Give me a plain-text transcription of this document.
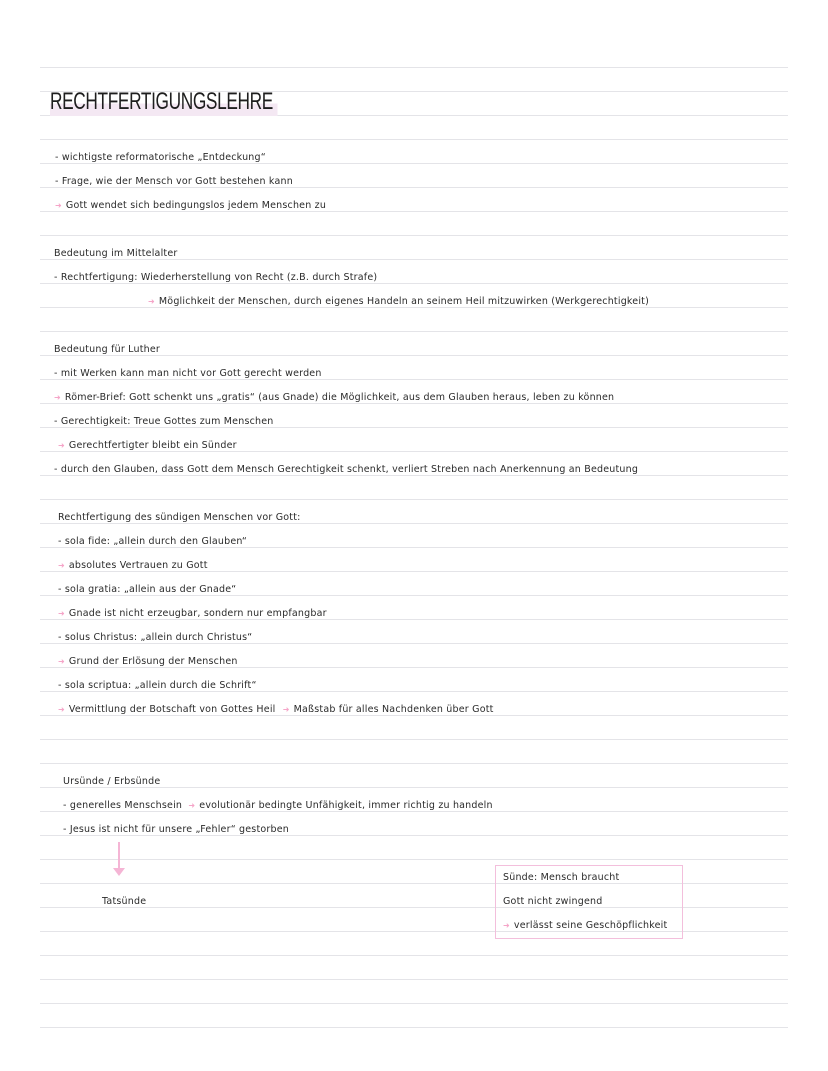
RECHTFERTIGUNGSLEHRE
- wichtigste reformatorische „Entdeckung“
- Frage, wie der Mensch vor Gott bestehen kann
➜ Gott wendet sich bedingungslos jedem Menschen zu
Bedeutung im Mittelalter
- Rechtfertigung: Wiederherstellung von Recht (z.B. durch Strafe)
➜ Möglichkeit der Menschen, durch eigenes Handeln an seinem Heil mitzuwirken (Werkgerechtigkeit)
Bedeutung für Luther
- mit Werken kann man nicht vor Gott gerecht werden
➜ Römer-Brief: Gott schenkt uns „gratis“ (aus Gnade) die Möglichkeit, aus dem Glauben heraus, leben zu können
- Gerechtigkeit: Treue Gottes zum Menschen
➜ Gerechtfertigter bleibt ein Sünder
- durch den Glauben, dass Gott dem Mensch Gerechtigkeit schenkt, verliert Streben nach Anerkennung an Bedeutung
Rechtfertigung des sündigen Menschen vor Gott:
- sola fide: „allein durch den Glauben“
➜ absolutes Vertrauen zu Gott
- sola gratia: „allein aus der Gnade“
➜ Gnade ist nicht erzeugbar, sondern nur empfangbar
- solus Christus: „allein durch Christus“
➜ Grund der Erlösung der Menschen
- sola scriptua: „allein durch die Schrift“
➜ Vermittlung der Botschaft von Gottes Heil ➜ Maßstab für alles Nachdenken über Gott
Ursünde / Erbsünde
- generelles Menschsein ➜ evolutionär bedingte Unfähigkeit, immer richtig zu handeln
- Jesus ist nicht für unsere „Fehler“ gestorben
Tatsünde
Sünde: Mensch braucht
Gott nicht zwingend
➜ verlässt seine Geschöpflichkeit
